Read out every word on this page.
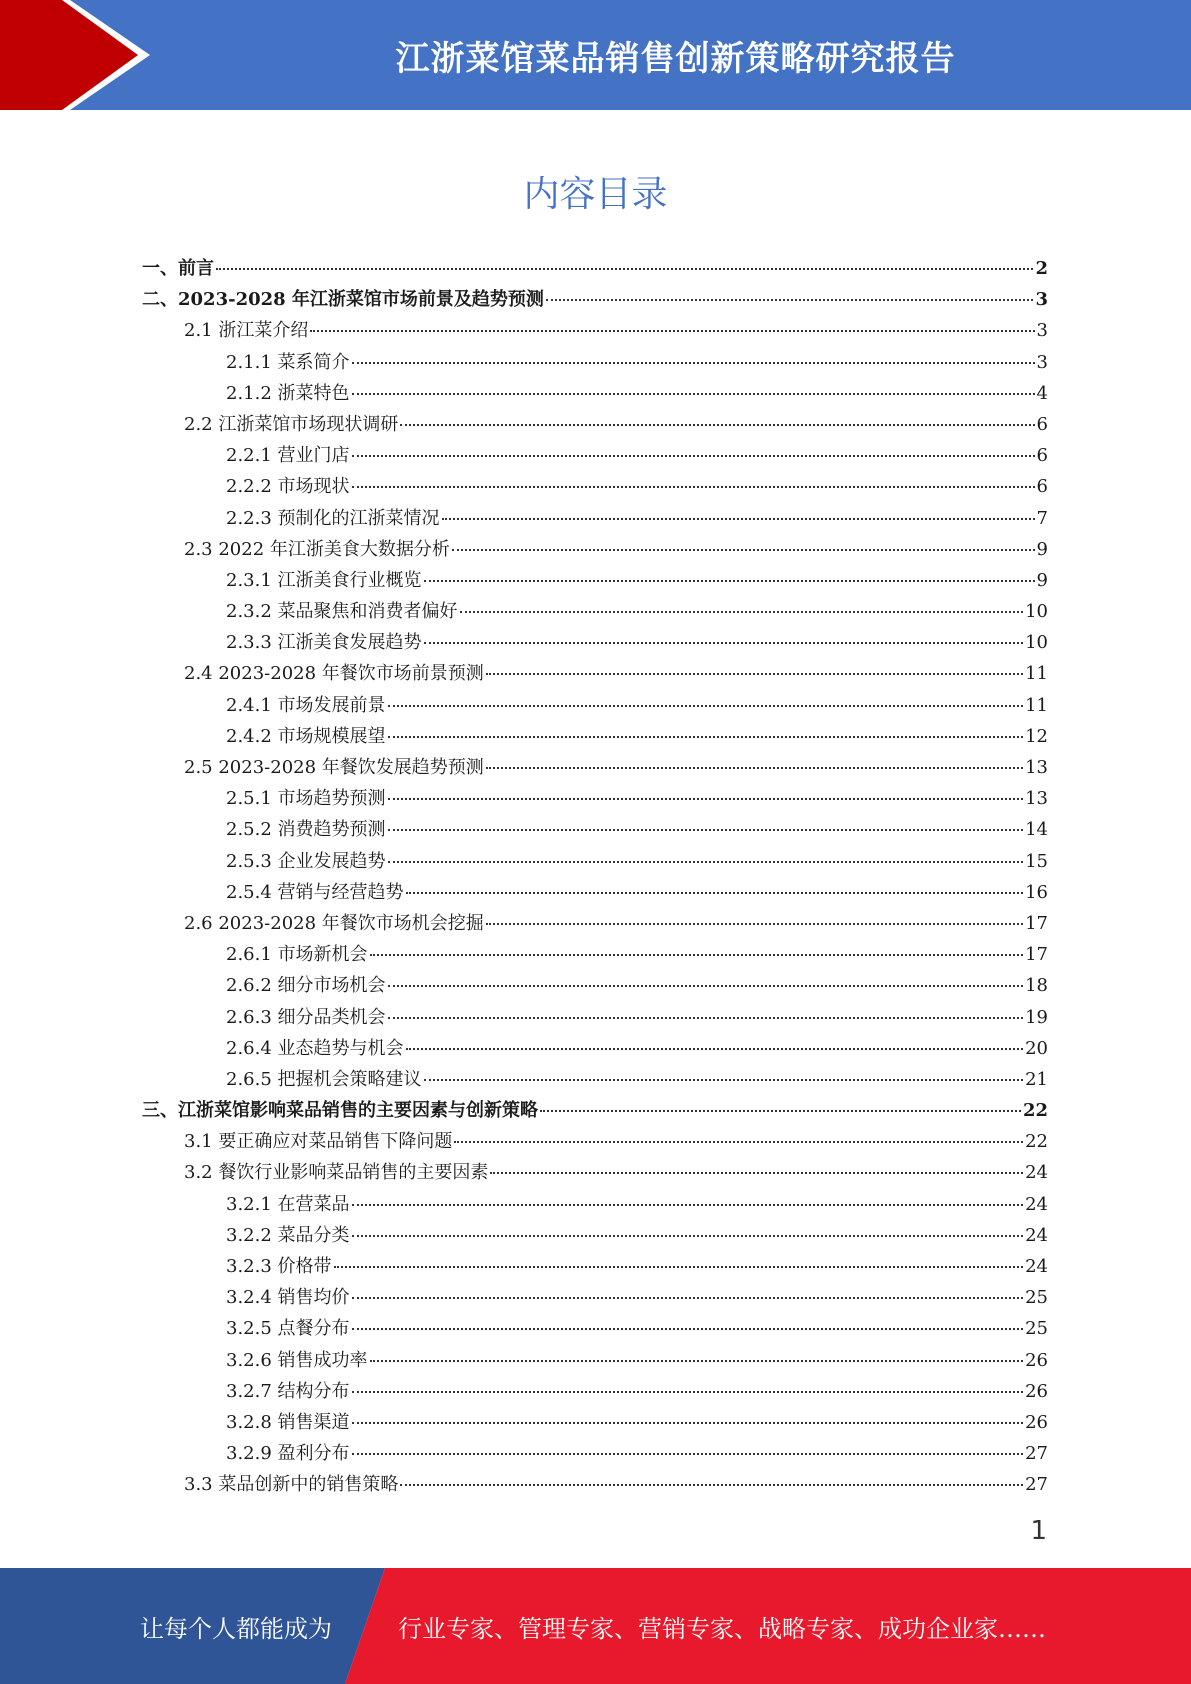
江浙菜馆菜品销售创新策略研究报告
内容目录
一、前言	2
二、2023-2028 年江浙菜馆市场前景及趋势预测	3
2.1 浙江菜介绍	3
2.1.1 菜系简介	3
2.1.2 浙菜特色	4
2.2 江浙菜馆市场现状调研	6
2.2.1 营业门店	6
2.2.2 市场现状	6
2.2.3 预制化的江浙菜情况	7
2.3 2022 年江浙美食大数据分析	9
2.3.1 江浙美食行业概览	9
2.3.2 菜品聚焦和消费者偏好	10
2.3.3 江浙美食发展趋势	10
2.4 2023-2028 年餐饮市场前景预测	11
2.4.1 市场发展前景	11
2.4.2 市场规模展望	12
2.5 2023-2028 年餐饮发展趋势预测	13
2.5.1 市场趋势预测	13
2.5.2 消费趋势预测	14
2.5.3 企业发展趋势	15
2.5.4 营销与经营趋势	16
2.6 2023-2028 年餐饮市场机会挖掘	17
2.6.1 市场新机会	17
2.6.2 细分市场机会	18
2.6.3 细分品类机会	19
2.6.4 业态趋势与机会	20
2.6.5 把握机会策略建议	21
三、江浙菜馆影响菜品销售的主要因素与创新策略	22
3.1 要正确应对菜品销售下降问题	22
3.2 餐饮行业影响菜品销售的主要因素	24
3.2.1 在营菜品	24
3.2.2 菜品分类	24
3.2.3 价格带	24
3.2.4 销售均价	25
3.2.5 点餐分布	25
3.2.6 销售成功率	26
3.2.7 结构分布	26
3.2.8 销售渠道	26
3.2.9 盈利分布	27
3.3 菜品创新中的销售策略	27
1
让每个人都能成为	行业专家、管理专家、营销专家、战略专家、成功企业家……
